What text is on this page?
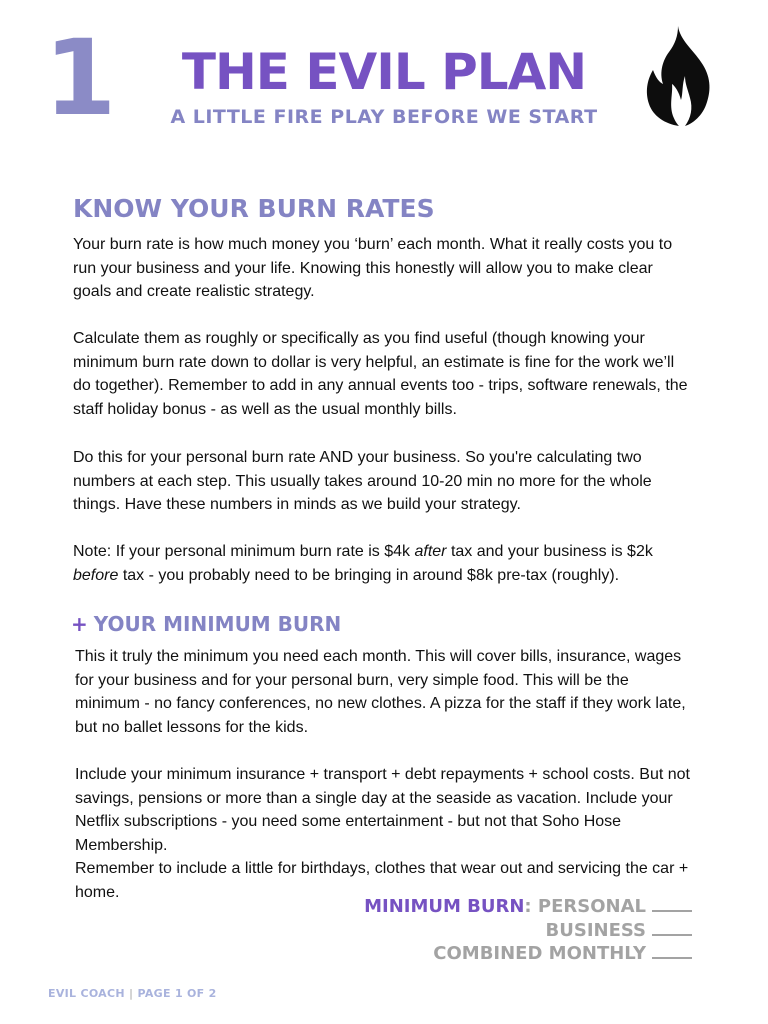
1	THE EVIL PLAN
A LITTLE FIRE PLAY BEFORE WE START
KNOW YOUR BURN RATES

Your burn rate is how much money you ‘burn’ each month. What it really costs you to run your business and your life. Knowing this honestly will allow you to make clear goals and create realistic strategy.

Calculate them as roughly or specifically as you find useful (though knowing your minimum burn rate down to dollar is very helpful, an estimate is fine for the work we’ll do together). Remember to add in any annual events too - trips, software renewals, the staff holiday bonus - as well as the usual monthly bills.

Do this for your personal burn rate AND your business. So you're calculating two numbers at each step. This usually takes around 10-20 min no more for the whole things. Have these numbers in minds as we build your strategy.

Note: If your personal minimum burn rate is $4k after tax and your business is $2k before tax - you probably need to be bringing in around $8k pre-tax (roughly).

+ YOUR MINIMUM BURN

This it truly the minimum you need each month. This will cover bills, insurance, wages for your business and for your personal burn, very simple food. This will be the minimum - no fancy conferences, no new clothes. A pizza for the staff if they work late, but no ballet lessons for the kids.

Include your minimum insurance + transport + debt repayments + school costs. But not savings, pensions or more than a single day at the seaside as vacation. Include your Netflix subscriptions - you need some entertainment - but not that Soho Hose Membership.

Remember to include a little for birthdays, clothes that wear out and servicing the car + home.

MINIMUM BURN: PERSONAL
BUSINESS
COMBINED MONTHLY
EVIL COACH | PAGE 1 OF 2
